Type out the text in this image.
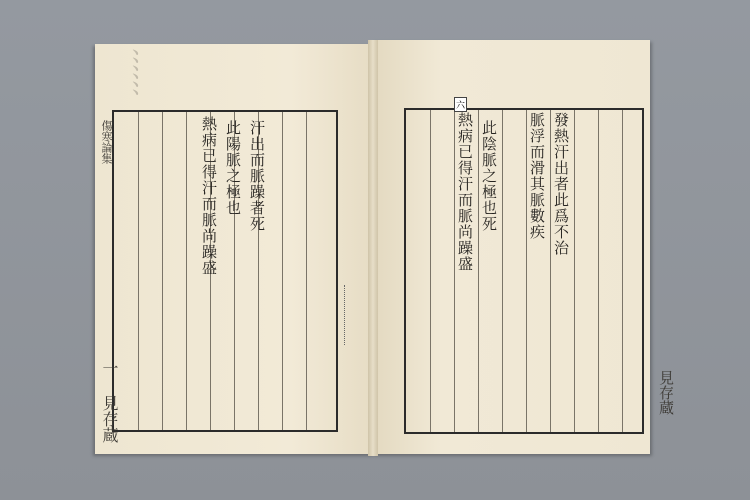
熱病已得汗而脈尚躁盛 此陽脈之極也 汗出而脈躁者死
傷寒論集
一 見存蔵
﹅﹅﹅﹅﹅﹅
六
熱病已得汗而脈尚躁盛 此陰脈之極也死 脈浮而滑其脈數疾 發熱汗出者此爲不治
見存蔵
